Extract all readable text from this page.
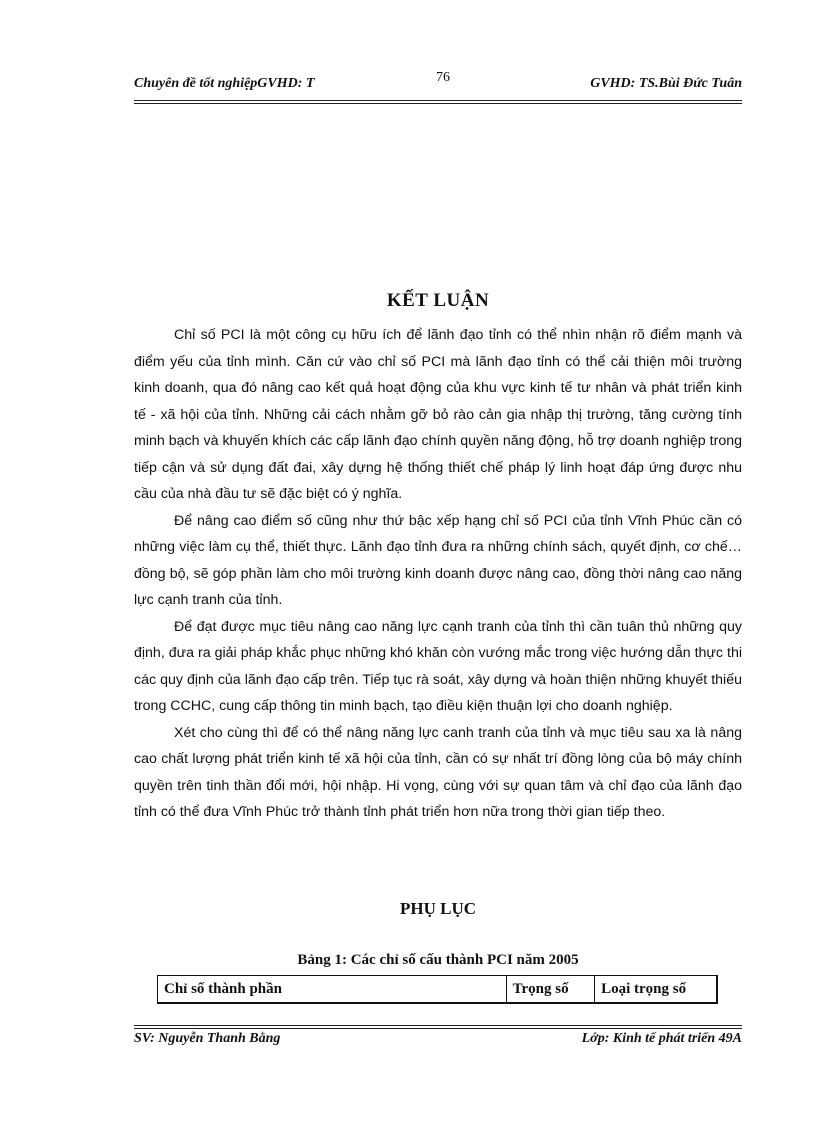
Chuyên đề tốt nghiệpGVHD: T	GVHD: TS.Bùi Đức Tuân
76
KẾT LUẬN

Chỉ số PCI là một công cụ hữu ích để lãnh đạo tỉnh có thể nhìn nhận rõ điểm mạnh và điểm yếu của tỉnh mình. Căn cứ vào chỉ số PCI mà lãnh đạo tỉnh có thể cải thiện môi trường kinh doanh, qua đó nâng cao kết quả hoạt động của khu vực kinh tế tư nhân và phát triển kinh tế - xã hội của tỉnh. Những cải cách nhằm gỡ bỏ rào cản gia nhập thị trường, tăng cường tính minh bạch và khuyến khích các cấp lãnh đạo chính quyền năng động, hỗ trợ doanh nghiệp trong tiếp cận và sử dụng đất đai, xây dựng hệ thống thiết chế pháp lý linh hoạt đáp ứng được nhu cầu của nhà đầu tư sẽ đặc biệt có ý nghĩa.

Để nâng cao điểm số cũng như thứ bậc xếp hạng chỉ số PCI của tỉnh Vĩnh Phúc cần có những việc làm cụ thể, thiết thực. Lãnh đạo tỉnh đưa ra những chính sách, quyết định, cơ chế… đồng bộ, sẽ góp phần làm cho môi trường kinh doanh được nâng cao, đồng thời nâng cao năng lực cạnh tranh của tỉnh.

Để đạt được mục tiêu nâng cao năng lực cạnh tranh của tỉnh thì cần tuân thủ những quy định, đưa ra giải pháp khắc phục những khó khăn còn vướng mắc trong việc hướng dẫn thực thi các quy định của lãnh đạo cấp trên. Tiếp tục rà soát, xây dựng và hoàn thiện những khuyết thiếu trong CCHC, cung cấp thông tin minh bạch, tạo điều kiện thuận lợi cho doanh nghiệp.

Xét cho cùng thì để có thể nâng năng lực canh tranh của tỉnh và mục tiêu sau xa là nâng cao chất lượng phát triển kinh tế xã hội của tỉnh, cần có sự nhất trí đồng lòng của bộ máy chính quyền trên tinh thần đổi mới, hội nhập. Hi vọng, cùng với sự quan tâm và chỉ đạo của lãnh đạo tỉnh có thể đưa Vĩnh Phúc trở thành tỉnh phát triển hơn nữa trong thời gian tiếp theo.

PHỤ LỤC
Bảng 1: Các chỉ số cấu thành PCI năm 2005
Chỉ số thành phần	Trọng số	Loại trọng số
SV: Nguyễn Thanh Bằng	Lớp: Kinh tế phát triển 49A
